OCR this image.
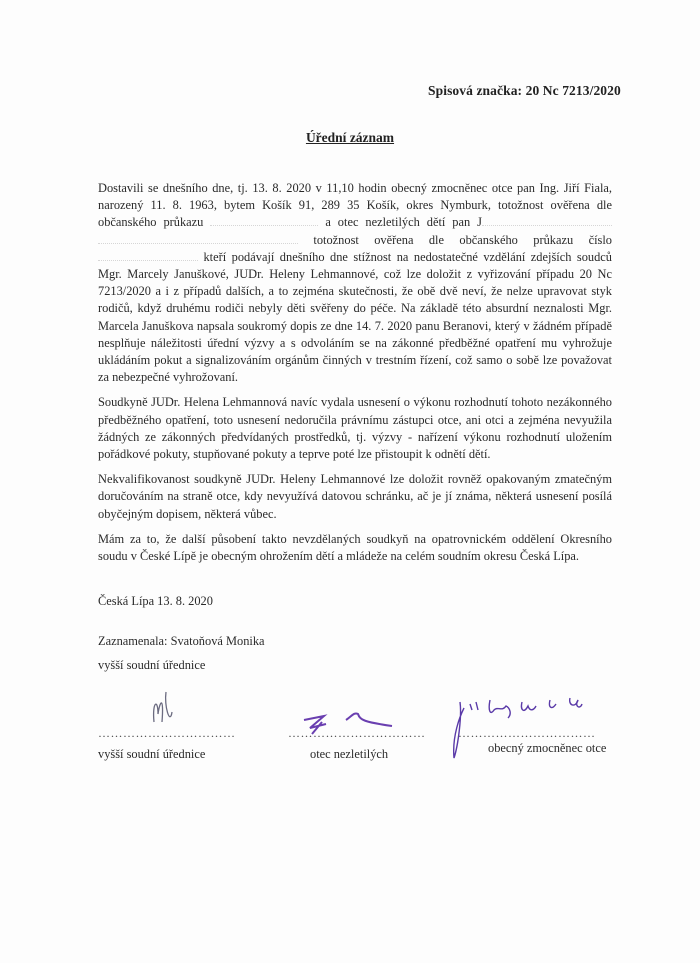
Spisová značka: 20 Nc 7213/2020
Úřední záznam

Dostavili se dnešního dne, tj. 13. 8. 2020 v 11,10 hodin obecný zmocněnec otce pan Ing. Jiří Fiala, narozený 11. 8. 1963, bytem Košík 91, 289 35 Košík, okres Nymburk, totožnost ověřena dle občanského průkazu	a otec nezletilých dětí pan J totožnost ověřena dle občanského průkazu číslo  kteří podávají dnešního dne stížnost na nedostatečné vzdělání zdejších soudců Mgr. Marcely Januškové, JUDr. Heleny Lehmannové, což lze doložit z vyřizování případu 20 Nc 7213/2020 a i z případů dalších, a to zejména skutečnosti, že obě dvě neví, že nelze upravovat styk rodičů, když druhému rodiči nebyly děti svěřeny do péče. Na základě této absurdní neznalosti Mgr. Marcela Januškova napsala soukromý dopis ze dne 14. 7. 2020 panu Beranovi, který v žádném případě nesplňuje náležitosti úřední výzvy a s odvoláním se na zákonné předběžné opatření mu vyhrožuje ukládáním pokut a signalizováním orgánům činných v trestním řízení, což samo o sobě lze považovat za nebezpečné vyhrožovaní.

Soudkyně JUDr. Helena Lehmannová navíc vydala usnesení o výkonu rozhodnutí tohoto nezákonného předběžného opatření, toto usnesení nedoručila právnímu zástupci otce, ani otci a zejména nevyužila žádných ze zákonných předvídaných prostředků, tj. výzvy - nařízení výkonu rozhodnutí uložením pořádkové pokuty, stupňované pokuty a teprve poté lze přistoupit k odnětí dětí.

Nekvalifikovanost soudkyně JUDr. Heleny Lehmannové lze doložit rovněž opakovaným zmatečným doručováním na straně otce, kdy nevyužívá datovou schránku, ač je jí známa, některá usnesení posílá obyčejným dopisem, některá vůbec.

Mám za to, že další působení takto nevzdělaných soudkyň na opatrovnickém oddělení Okresního soudu v České Lípě je obecným ohrožením dětí a mládeže na celém soudním okresu Česká Lípa.

Česká Lípa 13. 8. 2020
Zaznamenala: Svatoňová Monika
vyšší soudní úřednice
……………………………
vyšší soudní úřednice
……………………………
otec nezletilých
……………………………
obecný zmocněnec otce
